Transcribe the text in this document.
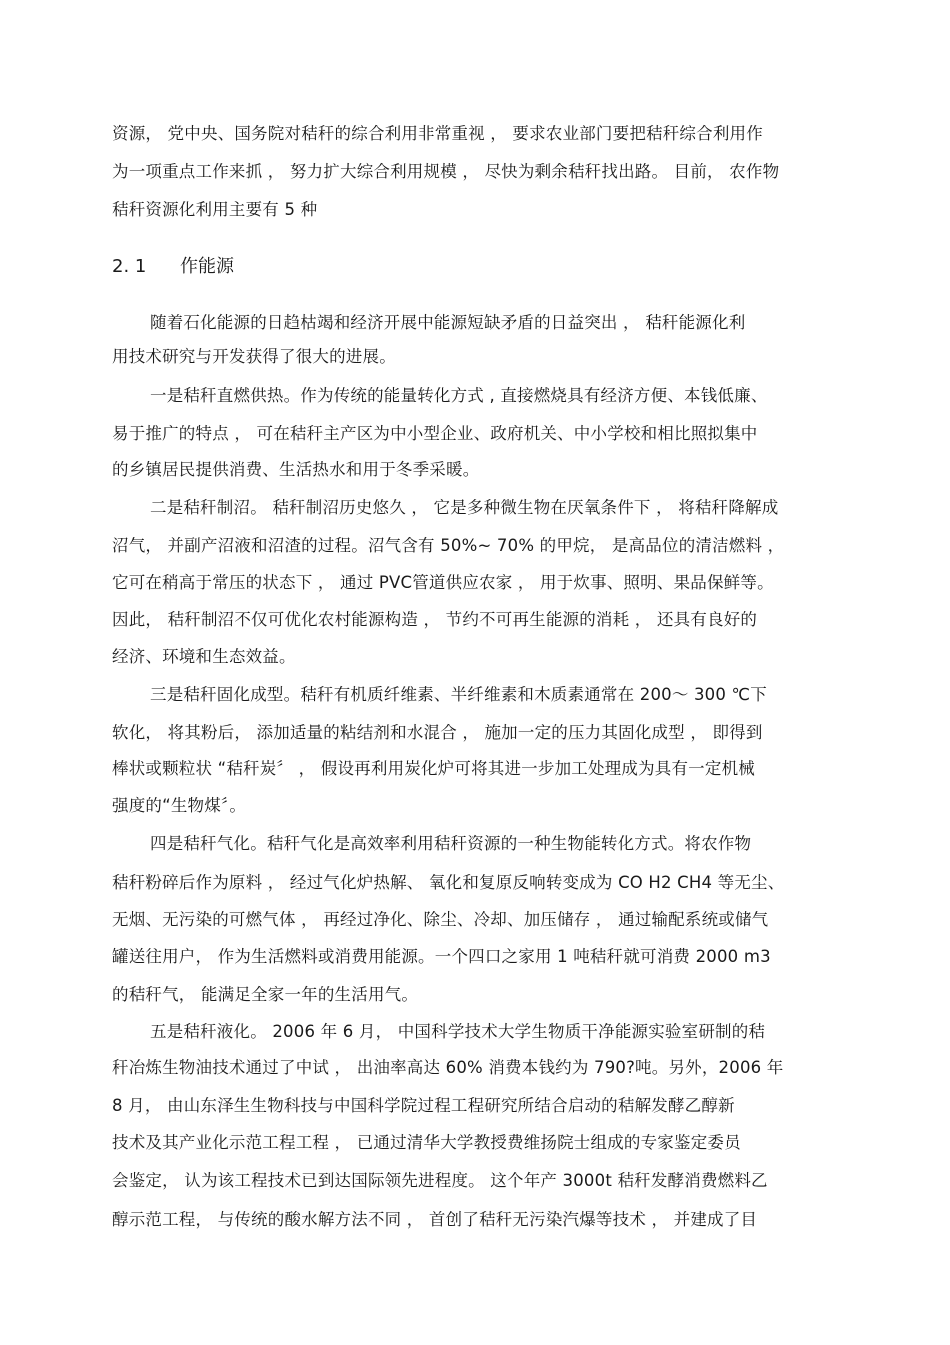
资源， 党中央、国务院对秸秆的综合利用非常重视 ， 要求农业部门要把秸秆综合利用作
为一项重点工作来抓 ， 努力扩大综合利用规模 ， 尽快为剩余秸秆找出路。 目前， 农作物
秸秆资源化利用主要有 5 种
2. 1 作能源
随着石化能源的日趋枯竭和经济开展中能源短缺矛盾的日益突出 ， 秸秆能源化利
用技术研究与开发获得了很大的进展。
一是秸秆直燃供热。作为传统的能量转化方式 , 直接燃烧具有经济方便、本钱低廉、
易于推广的特点 ， 可在秸秆主产区为中小型企业、政府机关、中小学校和相比照拟集中
的乡镇居民提供消费、生活热水和用于冬季采暖。
二是秸秆制沼。 秸秆制沼历史悠久 ， 它是多种微生物在厌氧条件下 ， 将秸秆降解成
沼气， 并副产沼液和沼渣的过程。沼气含有 50%~ 70% 的甲烷， 是高品位的清洁燃料 ，
它可在稍高于常压的状态下 ， 通过 PVC管道供应农家 ， 用于炊事、照明、果品保鲜等。
因此， 秸秆制沼不仅可优化农村能源构造 ， 节约不可再生能源的消耗 ， 还具有良好的
经济、环境和生态效益。
三是秸秆固化成型。秸秆有机质纤维素、半纤维素和木质素通常在 200～ 300 ℃下
软化， 将其粉后， 添加适量的粘结剂和水混合 ， 施加一定的压力其固化成型 ， 即得到
棒状或颗粒状 “秸秆炭〞 ， 假设再利用炭化炉可将其进一步加工处理成为具有一定机械
强度的“生物煤〞。
四是秸秆气化。秸秆气化是高效率利用秸秆资源的一种生物能转化方式。将农作物
秸秆粉碎后作为原料 ， 经过气化炉热解、 氧化和复原反响转变成为 CO H2 CH4 等无尘、
无烟、无污染的可燃气体 ， 再经过净化、除尘、冷却、加压储存 ， 通过输配系统或储气
罐送往用户， 作为生活燃料或消费用能源。一个四口之家用 1 吨秸秆就可消费 2000 m3
的秸秆气， 能满足全家一年的生活用气。
五是秸秆液化。 2006 年 6 月， 中国科学技术大学生物质干净能源实验室研制的秸
秆冶炼生物油技术通过了中试 ， 出油率高达 60% 消费本钱约为 790?吨。另外，2006 年
8 月， 由山东泽生生物科技与中国科学院过程工程研究所结合启动的秸解发酵乙醇新
技术及其产业化示范工程工程 ， 已通过清华大学教授费维扬院士组成的专家鉴定委员
会鉴定， 认为该工程技术已到达国际领先进程度。 这个年产 3000t 秸秆发酵消费燃料乙
醇示范工程， 与传统的酸水解方法不同 ， 首创了秸秆无污染汽爆等技术 ， 并建成了目
